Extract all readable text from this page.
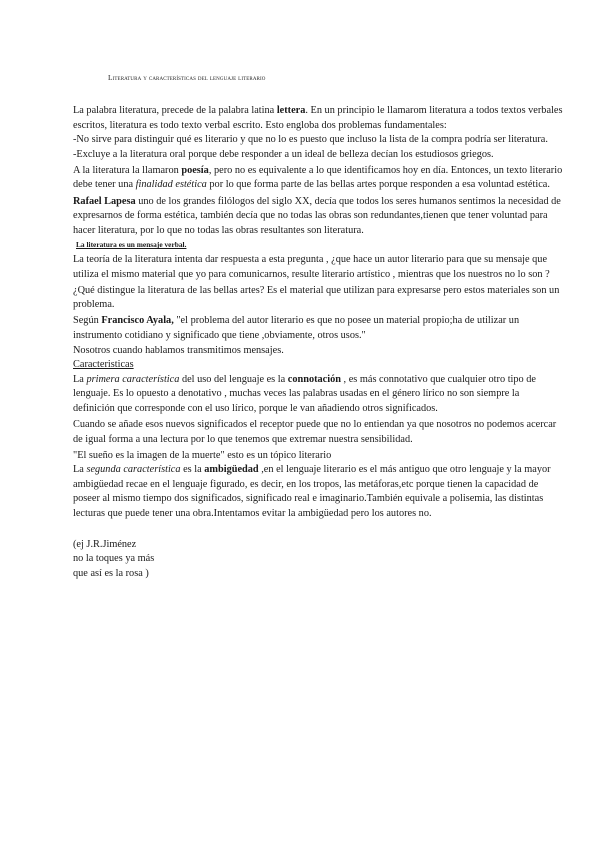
Literatura y características del lenguaje literario

La palabra literatura, precede de la palabra latina lettera. En un principio le llamarom literatura a todos textos verbales escritos, literatura es todo texto verbal escrito. Esto engloba dos problemas fundamentales:

-No sirve para distinguir qué es literario y que no lo es puesto que incluso la lista de la compra podría ser literatura.

-Excluye a la literatura oral porque debe responder a un ideal de belleza decían los estudiosos griegos.

A la literatura la llamaron poesía, pero no es equivalente a lo que identificamos hoy en día. Entonces, un texto literario debe tener una finalidad estética por lo que forma parte de las bellas artes porque responden a esa voluntad estética.

Rafael Lapesa uno de los grandes filólogos del siglo XX, decía que todos los seres humanos sentimos la necesidad de expresarnos de forma estética, también decía que no todas las obras son redundantes,tienen que tener voluntad para hacer literatura, por lo que no todas las obras resultantes son literatura.

La literatura es un mensaje verbal.

La teoría de la literatura intenta dar respuesta a esta pregunta , ¿que hace un autor literario para que su mensaje que utiliza el mismo material que yo para comunicarnos, resulte literario artístico , mientras que los nuestros no lo son ?

¿Qué distingue la literatura de las bellas artes? Es el material que utilizan para expresarse pero estos materiales son un problema.

Según Francisco Ayala, "el problema del autor literario es que no posee un material propio;ha de utilizar un instrumento cotidiano y significado que tiene ,obviamente, otros usos."

Nosotros cuando hablamos transmitimos mensajes.

Caracteristicas

La primera característica del uso del lenguaje es la connotación , es más connotativo que cualquier otro tipo de lenguaje. Es lo opuesto a denotativo , muchas veces las palabras usadas en el género lírico no son siempre la definición que corresponde con el uso lírico, porque le van añadiendo otros significados.

Cuando se añade esos nuevos significados el receptor puede que no lo entiendan ya que nosotros no podemos acercar de igual forma a una lectura por lo que tenemos que extremar nuestra sensibilidad.

"El sueño es la imagen de la muerte" esto es un tópico literario

La segunda característica es la ambigüedad ,en el lenguaje literario es el más antiguo que otro lenguaje y la mayor ambigüedad recae en el lenguaje figurado, es decir, en los tropos, las metáforas,etc porque tienen la capacidad de poseer al mismo tiempo dos significados, significado real e imaginario.También equivale a polisemia, las distintas lecturas que puede tener una obra.Intentamos evitar la ambigüedad pero los autores no.

(ej J.R.Jiménez

no la toques ya más

que así es la rosa )
